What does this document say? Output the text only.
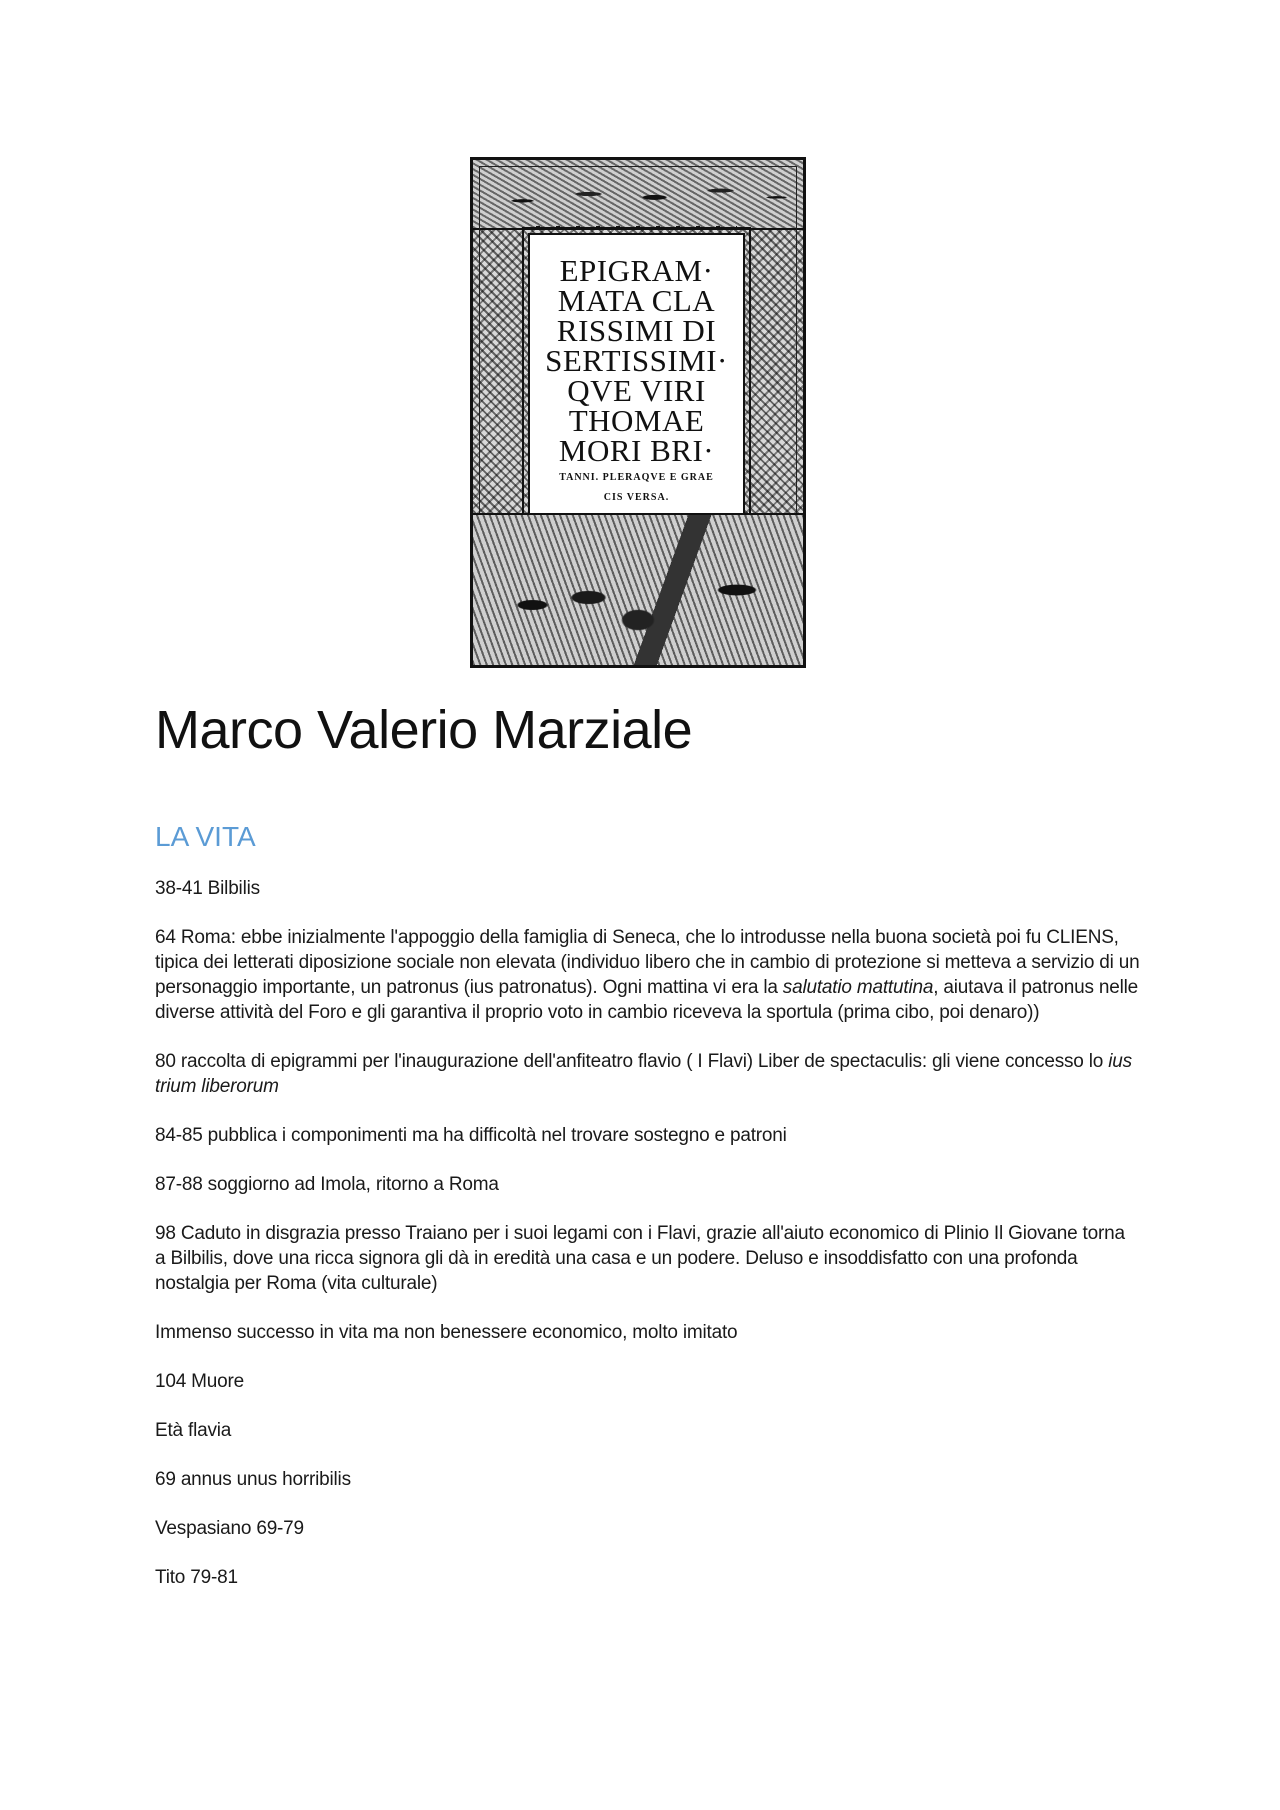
EPIGRAM·
MATA CLA
RISSIMI DI
SERTISSIMI·
QVE VIRI
THOMAE
MORI BRI·
TANNI. PLERAQVE E GRAE
CIS VERSA.
Marco Valerio Marziale
LA VITA

38-41 Bilbilis

64 Roma: ebbe inizialmente l'appoggio della famiglia di Seneca, che lo introdusse nella buona società poi fu CLIENS, tipica dei letterati diposizione sociale non elevata (individuo libero che in cambio di protezione si metteva a servizio di un personaggio importante, un patronus (ius patronatus). Ogni mattina vi era la salutatio mattutina, aiutava il patronus nelle diverse attività del Foro e gli garantiva il proprio voto in cambio riceveva la sportula (prima cibo, poi denaro))

80 raccolta di epigrammi per l'inaugurazione dell'anfiteatro flavio ( I Flavi) Liber de spectaculis: gli viene concesso lo ius trium liberorum

84-85 pubblica i componimenti ma ha difficoltà nel trovare sostegno e patroni

87-88 soggiorno ad Imola, ritorno a Roma

98 Caduto in disgrazia presso Traiano per i suoi legami con i Flavi, grazie all'aiuto economico di Plinio Il Giovane torna a Bilbilis, dove una ricca signora gli dà in eredità una casa e un podere. Deluso e insoddisfatto con una profonda nostalgia per Roma (vita culturale)

Immenso successo in vita ma non benessere economico, molto imitato

104 Muore

Età flavia

69 annus unus horribilis

Vespasiano 69-79

Tito 79-81
